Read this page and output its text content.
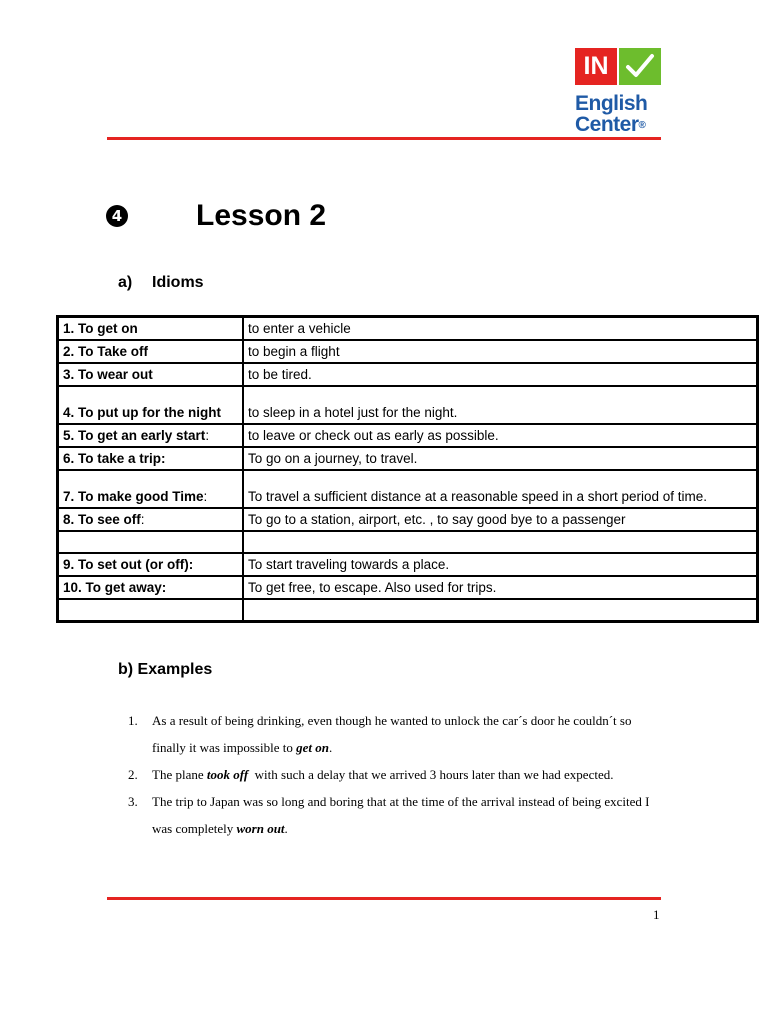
IN
English
Center®
4 Lesson 2
a) Idioms
1. To get on	to enter a vehicle
2. To Take off	to begin a flight
3. To wear out	to be tired.
4. To put up for the night	to sleep in a hotel just for the night.
5. To get an early start:	to leave or check out as early as possible.
6. To take a trip:	To go on a journey, to travel.
7. To make good Time:	To travel a sufficient distance at a reasonable speed in a short period of time.
8. To see off:	To go to a station, airport, etc. , to say good bye to a passenger

9. To set out (or off):	To start traveling towards a place.
10. To get away:	To get free, to escape. Also used for trips.

b) Examples
1.	As a result of being drinking, even though he wanted to unlock the car´s door he couldn´t so finally it was impossible to get on.
2.	The plane took off  with such a delay that we arrived 3 hours later than we had expected.
3.	The trip to Japan was so long and boring that at the time of the arrival instead of being excited I was completely worn out.
1
